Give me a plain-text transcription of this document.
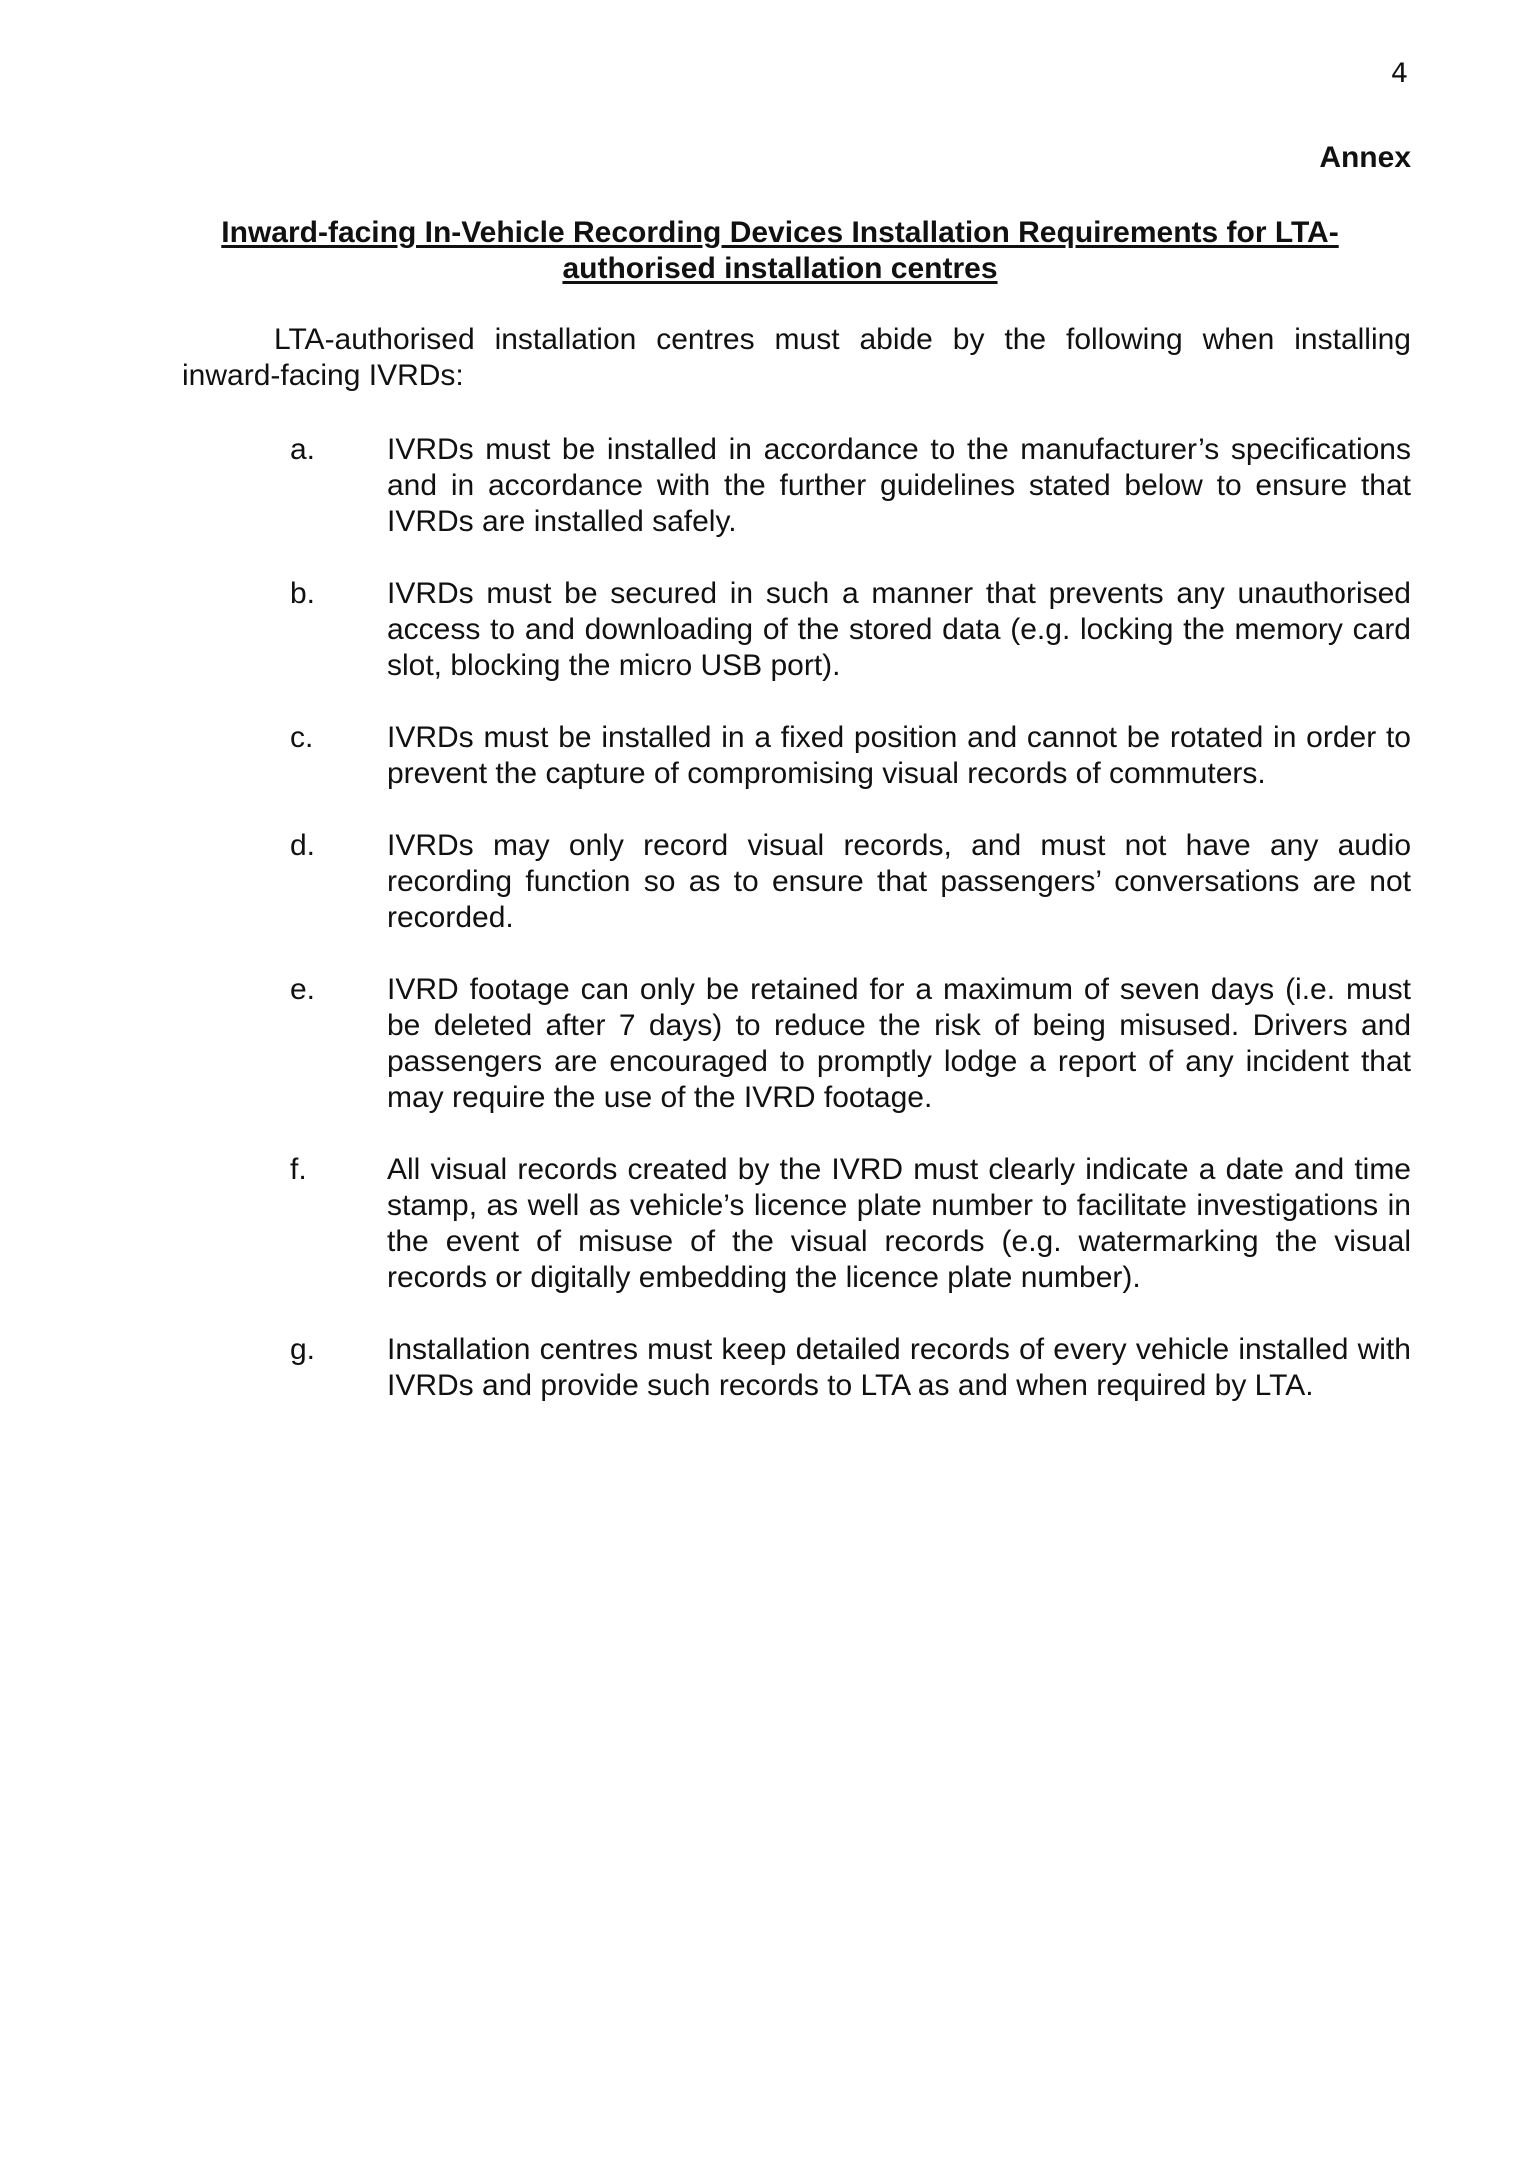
4
Annex
Inward-facing In-Vehicle Recording Devices Installation Requirements for LTA-authorised installation centres
LTA-authorised installation centres must abide by the following when installing inward-facing IVRDs:
a.	IVRDs must be installed in accordance to the manufacturer’s specifications and in accordance with the further guidelines stated below to ensure that IVRDs are installed safely.
b.	IVRDs must be secured in such a manner that prevents any unauthorised access to and downloading of the stored data (e.g. locking the memory card slot, blocking the micro USB port).
c.	IVRDs must be installed in a fixed position and cannot be rotated in order to prevent the capture of compromising visual records of commuters.
d.	IVRDs may only record visual records, and must not have any audio recording function so as to ensure that passengers’ conversations are not recorded.
e.	IVRD footage can only be retained for a maximum of seven days (i.e. must be deleted after 7 days) to reduce the risk of being misused. Drivers and passengers are encouraged to promptly lodge a report of any incident that may require the use of the IVRD footage.
f.	All visual records created by the IVRD must clearly indicate a date and time stamp, as well as vehicle’s licence plate number to facilitate investigations in the event of misuse of the visual records (e.g. watermarking the visual records or digitally embedding the licence plate number).
g.	Installation centres must keep detailed records of every vehicle installed with IVRDs and provide such records to LTA as and when required by LTA.
